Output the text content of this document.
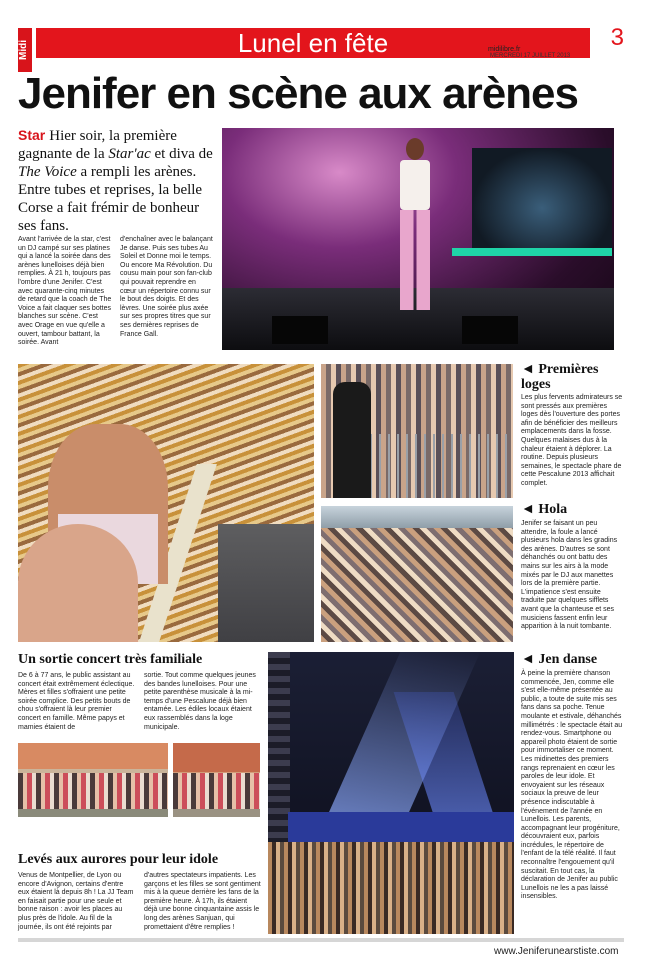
Midi	Lunel en fête	3
midilibre.fr
MERCREDI 17 JUILLET 2013
Jenifer en scène aux arènes

Star Hier soir, la première gagnante de la Star'ac et diva de The Voice a rempli les arènes. Entre tubes et reprises, la belle Corse a fait frémir de bonheur ses fans.

Avant l'arrivée de la star, c'est un DJ campé sur ses platines qui a lancé la soirée dans des arènes lunelloises déjà bien remplies. À 21 h, toujours pas l'ombre d'une Jenifer. C'est avec quarante-cinq minutes de retard que la coach de The Voice a fait claquer ses bottes blanches sur scène. C'est avec Orage en vue qu'elle a ouvert, tambour battant, la soirée. Avant

d'enchaîner avec le balançant Je danse. Puis ses tubes Au Soleil et Donne moi le temps. Ou encore Ma Révolution. Du cousu main pour son fan-club qui pouvait reprendre en cœur un répertoire connu sur le bout des doigts. Et des lèvres. Une soirée plus axée sur ses propres titres que sur ses dernières reprises de France Gall.

◄ Premières loges

Les plus fervents admirateurs se sont pressés aux premières loges dès l'ouverture des portes afin de bénéficier des meilleurs emplacements dans la fosse. Quelques malaises dus à la chaleur étaient à déplorer. La routine. Depuis plusieurs semaines, le spectacle phare de cette Pescalune 2013 affichait complet.

◄ Hola

Jenifer se faisant un peu attendre, la foule a lancé plusieurs hola dans les gradins des arènes. D'autres se sont déhanchés ou ont battu des mains sur les airs à la mode mixés par le DJ aux manettes lors de la première partie. L'impatience s'est ensuite traduite par quelques sifflets avant que la chanteuse et ses musiciens fassent enfin leur apparition à la nuit tombante.

Un sortie concert très familiale

De 6 à 77 ans, le public assistant au concert était extrêmement éclectique. Mères et filles s'offraient une petite soirée complice. Des petits bouts de chou s'offraient là leur premier concert en famille. Même papys et mamies étaient de

sortie. Tout comme quelques jeunes des bandes lunelloises. Pour une petite parenthèse musicale à la mi-temps d'une Pescalune déjà bien entamée. Les édiles locaux étaient eux rassemblés dans la loge municipale.

Levés aux aurores pour leur idole

Venus de Montpellier, de Lyon ou encore d'Avignon, certains d'entre eux étaient là depuis 8h ! La JJ Team en faisait partie pour une seule et bonne raison : avoir les places au plus près de l'idole. Au fil de la journée, ils ont été rejoints par

d'autres spectateurs impatients. Les garçons et les filles se sont gentiment mis à la queue derrière les fans de la première heure. À 17h, ils étaient déjà une bonne cinquantaine assis le long des arènes Sanjuan, qui promettaient d'être remplies !

◄ Jen danse

À peine la première chanson commencée, Jen, comme elle s'est elle-même présentée au public, a toute de suite mis ses fans dans sa poche. Tenue moulante et estivale, déhanchés millimétrés : le spectacle était au rendez-vous. Smartphone ou appareil photo étaient de sortie pour immortaliser ce moment. Les midinettes des premiers rangs reprenaient en cœur les paroles de leur idole. Et envoyaient sur les réseaux sociaux la preuve de leur présence indiscutable à l'événement de l'année en Lunellois. Les parents, accompagnant leur progéniture, découvraient eux, parfois incrédules, le répertoire de l'enfant de la télé réalité. Il faut reconnaître l'engouement qu'il suscitait. En tout cas, la déclaration de Jenifer au public Lunellois ne les a pas laissé insensibles.

www.Jeniferunearstiste.com
